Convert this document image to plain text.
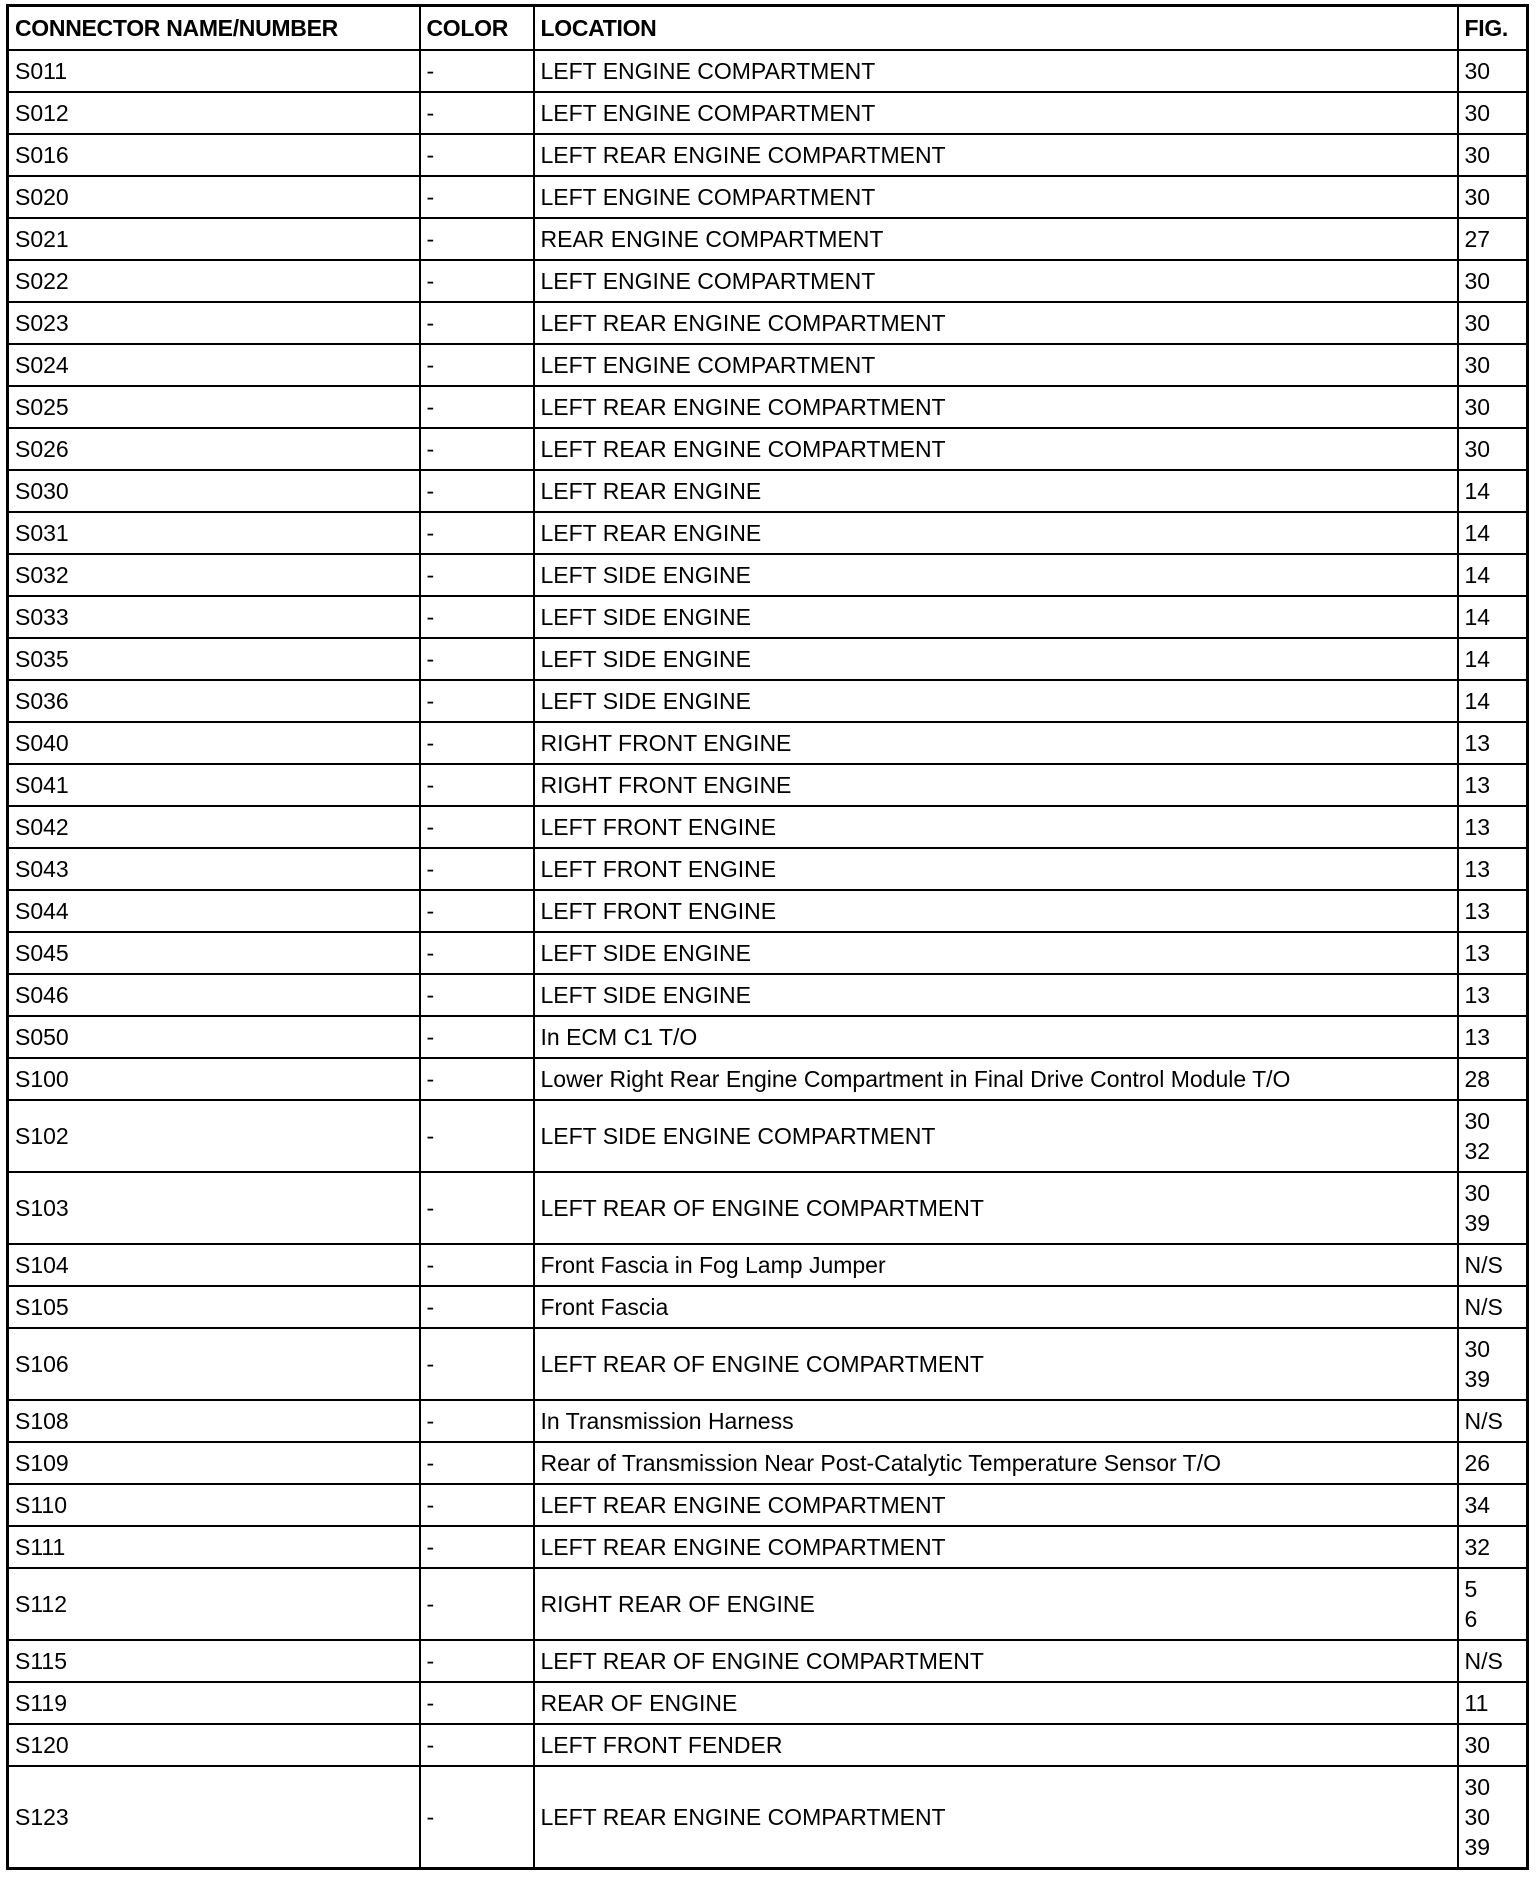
CONNECTOR NAME/NUMBER	COLOR	LOCATION	FIG.
S011	-	LEFT ENGINE COMPARTMENT	30

S012	-	LEFT ENGINE COMPARTMENT	30

S016	-	LEFT REAR ENGINE COMPARTMENT	30

S020	-	LEFT ENGINE COMPARTMENT	30

S021	-	REAR ENGINE COMPARTMENT	27

S022	-	LEFT ENGINE COMPARTMENT	30

S023	-	LEFT REAR ENGINE COMPARTMENT	30

S024	-	LEFT ENGINE COMPARTMENT	30

S025	-	LEFT REAR ENGINE COMPARTMENT	30

S026	-	LEFT REAR ENGINE COMPARTMENT	30

S030	-	LEFT REAR ENGINE	14

S031	-	LEFT REAR ENGINE	14

S032	-	LEFT SIDE ENGINE	14

S033	-	LEFT SIDE ENGINE	14

S035	-	LEFT SIDE ENGINE	14

S036	-	LEFT SIDE ENGINE	14

S040	-	RIGHT FRONT ENGINE	13

S041	-	RIGHT FRONT ENGINE	13

S042	-	LEFT FRONT ENGINE	13

S043	-	LEFT FRONT ENGINE	13

S044	-	LEFT FRONT ENGINE	13

S045	-	LEFT SIDE ENGINE	13

S046	-	LEFT SIDE ENGINE	13

S050	-	In ECM C1 T/O	13

S100	-	Lower Right Rear Engine Compartment in Final Drive Control Module T/O	28

S102	-	LEFT SIDE ENGINE COMPARTMENT	30
32

S103	-	LEFT REAR OF ENGINE COMPARTMENT	30
39

S104	-	Front Fascia in Fog Lamp Jumper	N/S

S105	-	Front Fascia	N/S

S106	-	LEFT REAR OF ENGINE COMPARTMENT	30
39

S108	-	In Transmission Harness	N/S

S109	-	Rear of Transmission Near Post-Catalytic Temperature Sensor T/O	26

S110	-	LEFT REAR ENGINE COMPARTMENT	34

S111	-	LEFT REAR ENGINE COMPARTMENT	32

S112	-	RIGHT REAR OF ENGINE	5
6

S115	-	LEFT REAR OF ENGINE COMPARTMENT	N/S

S119	-	REAR OF ENGINE	11

S120	-	LEFT FRONT FENDER	30

S123	-	LEFT REAR ENGINE COMPARTMENT	30
30
39
